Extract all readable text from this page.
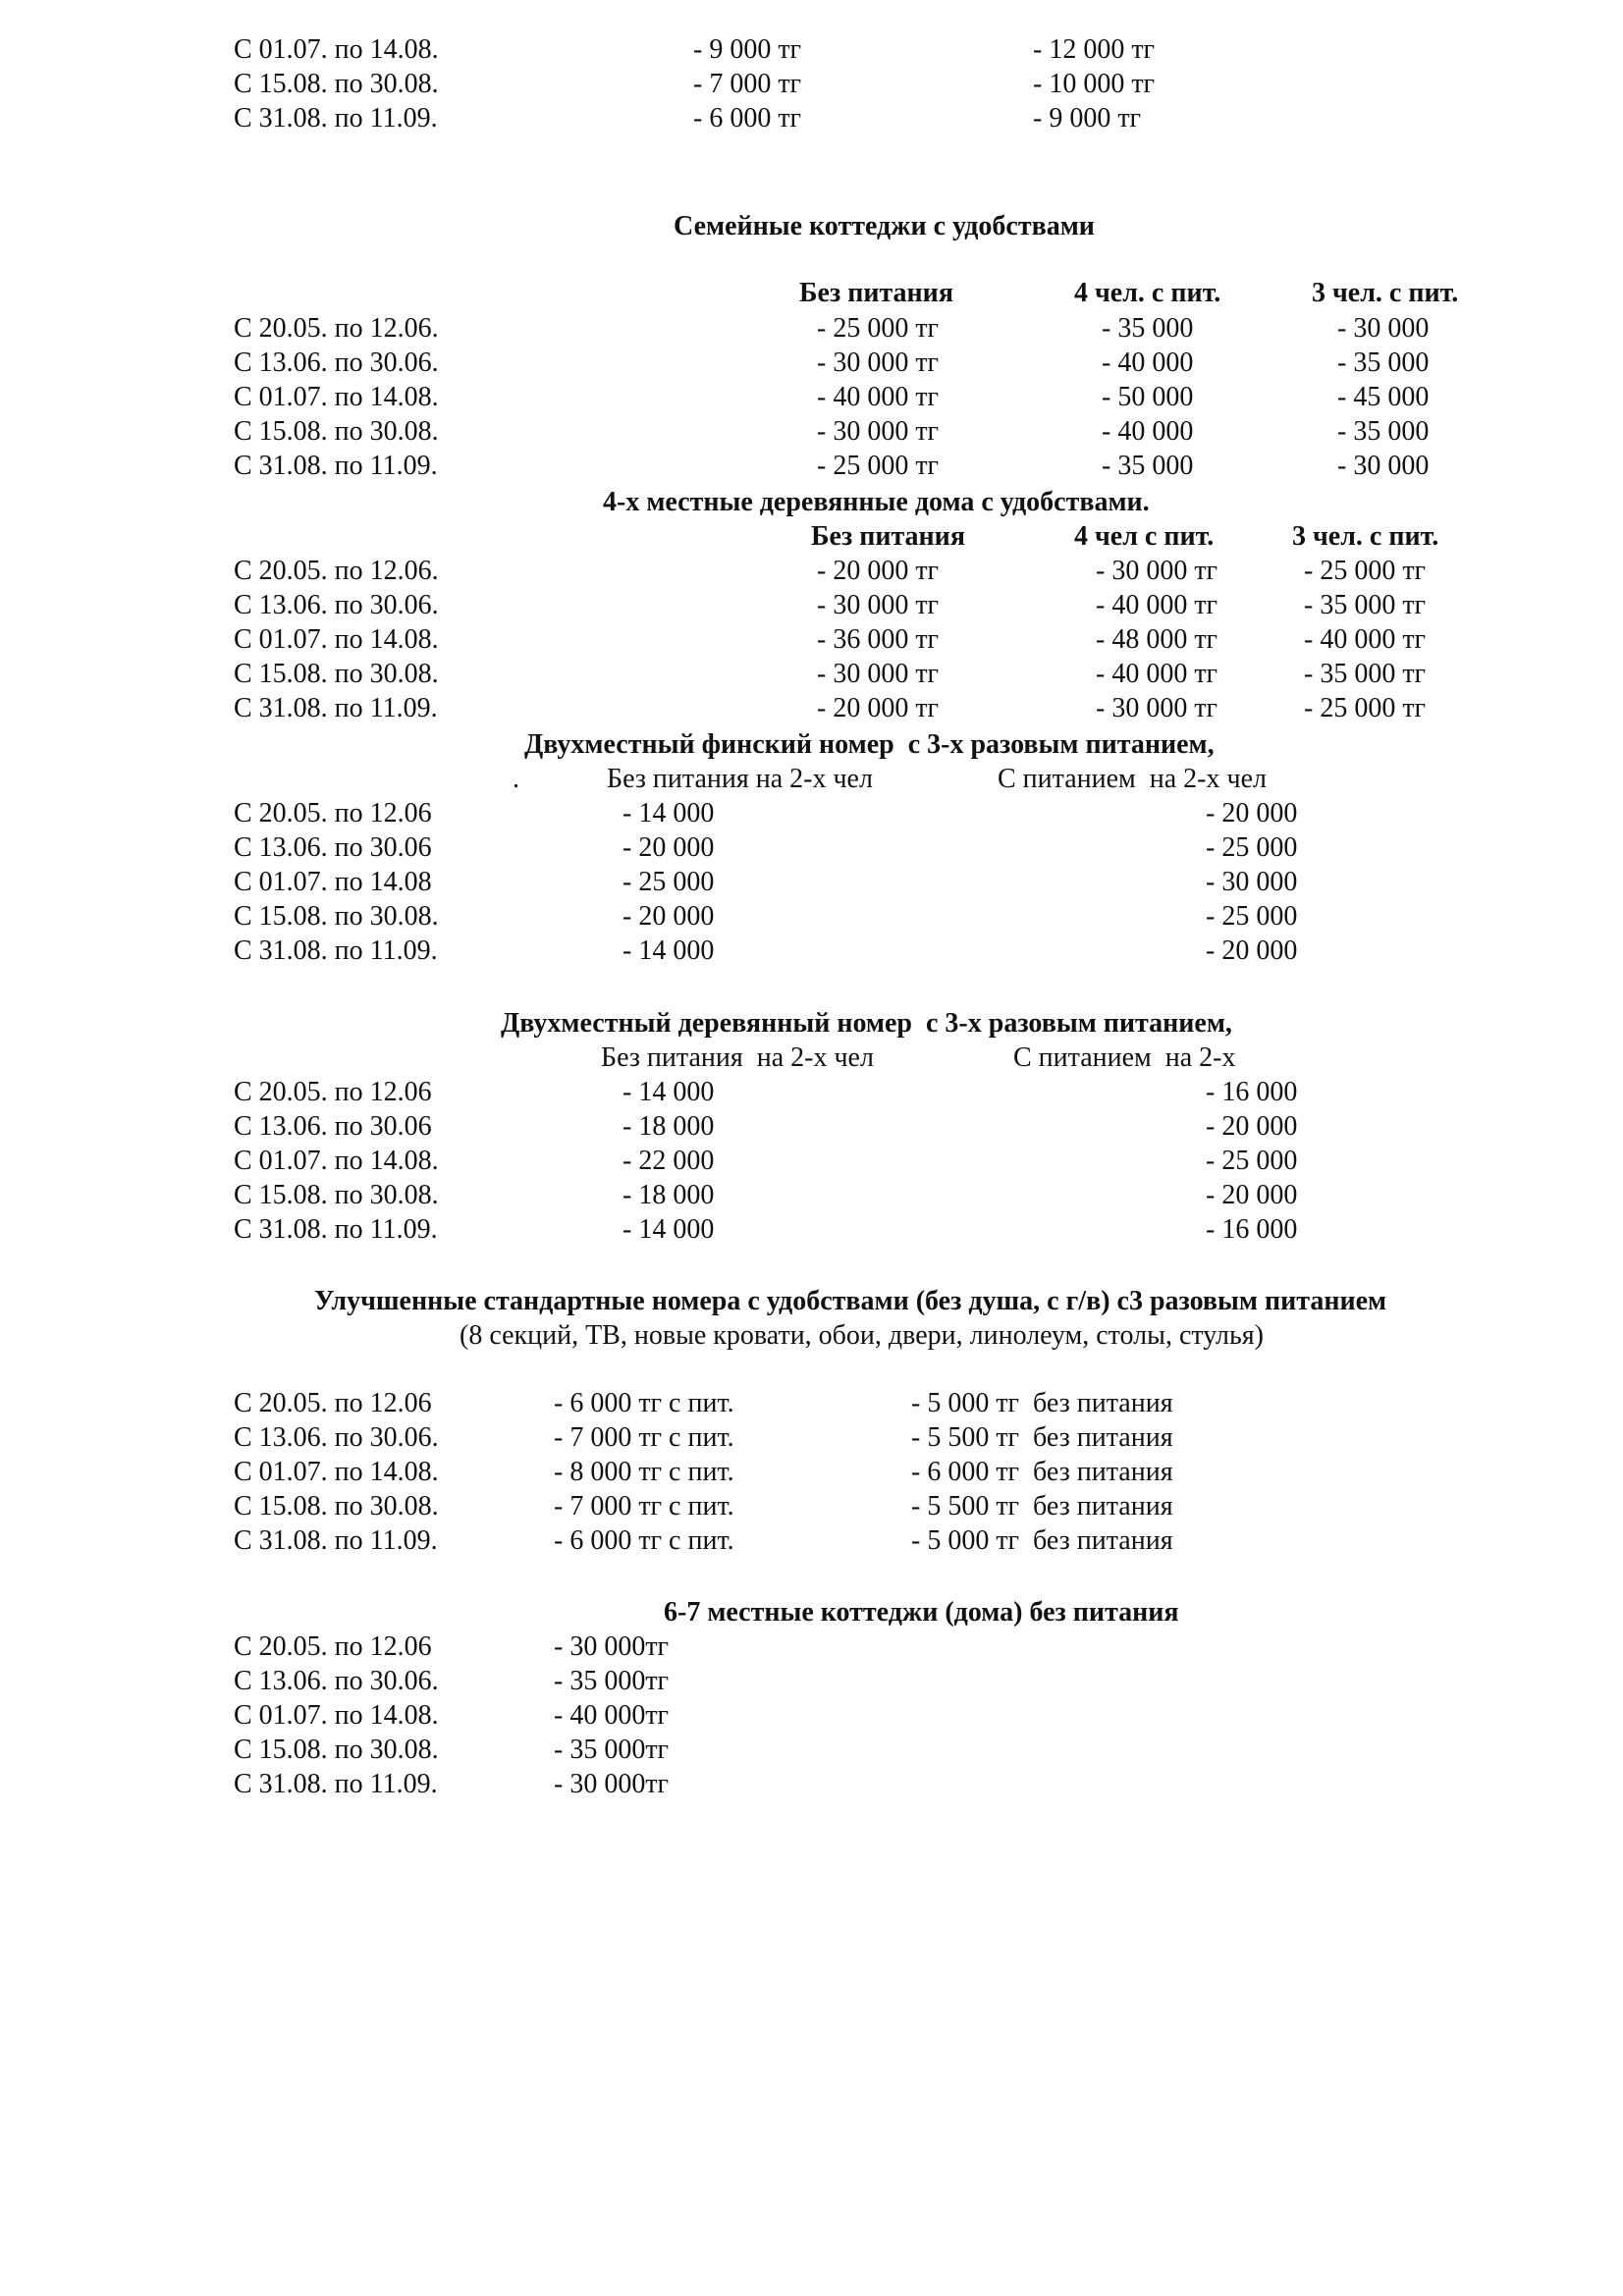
С 01.07. по 14.08.	- 9 000 тг	- 12 000 тг
С 15.08. по 30.08.	- 7 000 тг	- 10 000 тг
С 31.08. по 11.09.	- 6 000 тг	- 9 000 тг
Семейные коттеджи с удобствами
Без питания	4 чел. с пит.	3 чел. с пит.
С 20.05. по 12.06.	- 25 000 тг	- 35 000	- 30 000
С 13.06. по 30.06.	- 30 000 тг	- 40 000	- 35 000
С 01.07. по 14.08.	- 40 000 тг	- 50 000	- 45 000
С 15.08. по 30.08.	- 30 000 тг	- 40 000	- 35 000
С 31.08. по 11.09.	- 25 000 тг	- 35 000	- 30 000
4-х местные деревянные дома с удобствами.
Без питания	4 чел с пит.	3 чел. с пит.
С 20.05. по 12.06.	- 20 000 тг	- 30 000 тг	- 25 000 тг
С 13.06. по 30.06.	- 30 000 тг	- 40 000 тг	- 35 000 тг
С 01.07. по 14.08.	- 36 000 тг	- 48 000 тг	- 40 000 тг
С 15.08. по 30.08.	- 30 000 тг	- 40 000 тг	- 35 000 тг
С 31.08. по 11.09.	- 20 000 тг	- 30 000 тг	- 25 000 тг
Двухместный финский номер  с 3-х разовым питанием,
.	Без питания на 2-х чел	С питанием  на 2-х чел
С 20.05. по 12.06	- 14 000	- 20 000
С 13.06. по 30.06	- 20 000	- 25 000
С 01.07. по 14.08	- 25 000	- 30 000
С 15.08. по 30.08.	- 20 000	- 25 000
С 31.08. по 11.09.	- 14 000	- 20 000
Двухместный деревянный номер  с 3-х разовым питанием,
Без питания  на 2-х чел	С питанием  на 2-х
С 20.05. по 12.06	- 14 000	- 16 000
С 13.06. по 30.06	- 18 000	- 20 000
С 01.07. по 14.08.	- 22 000	- 25 000
С 15.08. по 30.08.	- 18 000	- 20 000
С 31.08. по 11.09.	- 14 000	- 16 000
Улучшенные стандартные номера с удобствами (без душа, с г/в) с3 разовым питанием
(8 секций, ТВ, новые кровати, обои, двери, линолеум, столы, стулья)
С 20.05. по 12.06	- 6 000 тг с пит.	- 5 000 тг  без питания
С 13.06. по 30.06.	- 7 000 тг с пит.	- 5 500 тг  без питания
С 01.07. по 14.08.	- 8 000 тг с пит.	- 6 000 тг  без питания
С 15.08. по 30.08.	- 7 000 тг с пит.	- 5 500 тг  без питания
С 31.08. по 11.09.	- 6 000 тг с пит.	- 5 000 тг  без питания
6-7 местные коттеджи (дома) без питания
С 20.05. по 12.06	- 30 000тг
С 13.06. по 30.06.	- 35 000тг
С 01.07. по 14.08.	- 40 000тг
С 15.08. по 30.08.	- 35 000тг
С 31.08. по 11.09.	- 30 000тг
